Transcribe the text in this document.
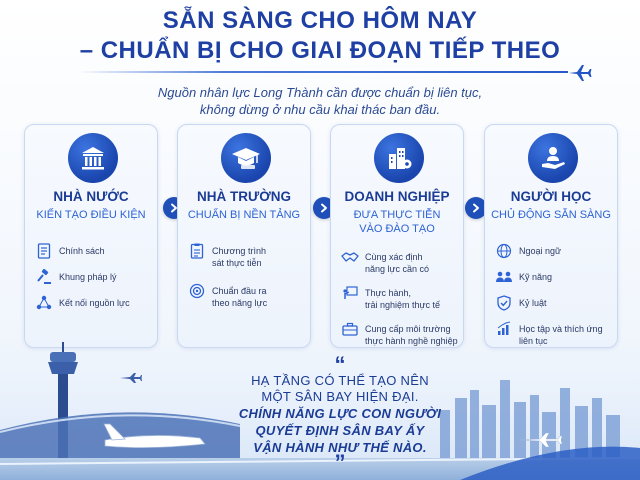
SẴN SÀNG CHO HÔM NAY
– CHUẨN BỊ CHO GIAI ĐOẠN TIẾP THEO
Nguồn nhân lực Long Thành cần được chuẩn bị liên tục,
không dừng ở nhu cầu khai thác ban đầu.
NHÀ NƯỚC
KIẾN TẠO ĐIỀU KIỆN
Chính sách
Khung pháp lý
Kết nối nguồn lực
NHÀ TRƯỜNG
CHUẨN BỊ NỀN TẢNG
Chương trình
sát thực tiễn
Chuẩn đầu ra
theo năng lực
DOANH NGHIỆP
ĐƯA THỰC TIỄN
VÀO ĐÀO TẠO
Cùng xác định
năng lực cần có
Thực hành,
trải nghiệm thực tế
Cung cấp môi trường
NGƯỜI HỌC
CHỦ ĐỘNG SẴN SÀNG
Ngoại ngữ
Kỹ năng
Kỷ luật
Học tập và thích ứng
“
HẠ TẦNG CÓ THỂ TẠO NÊN
MỘT SÂN BAY HIỆN ĐẠI.
CHÍNH NĂNG LỰC CON NGƯỜI
QUYẾT ĐỊNH SÂN BAY ẤY
VẬN HÀNH NHƯ THẾ NÀO.
”
